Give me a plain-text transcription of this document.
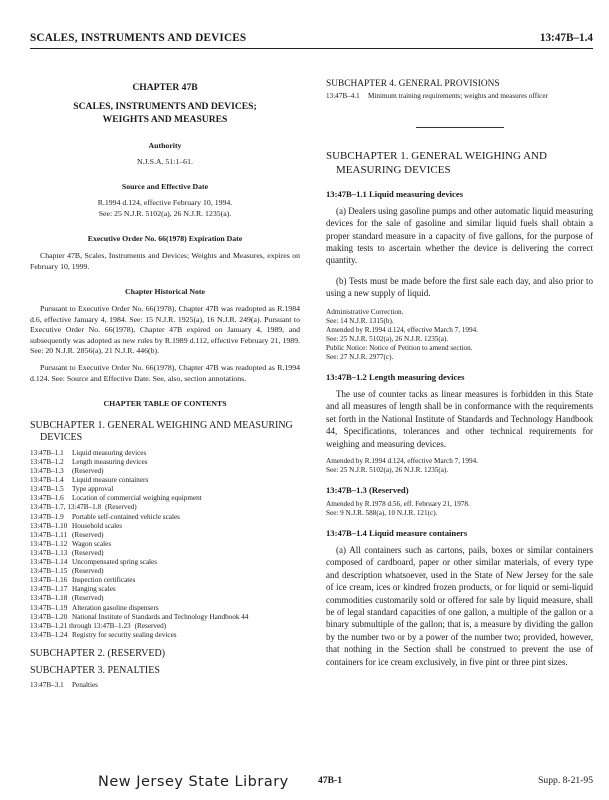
SCALES, INSTRUMENTS AND DEVICES	13:47B–1.4
CHAPTER 47B
SCALES, INSTRUMENTS AND DEVICES;
WEIGHTS AND MEASURES
Authority
N.J.S.A. 51:1–61.
Source and Effective Date
R.1994 d.124, effective February 10, 1994.
See: 25 N.J.R. 5102(a), 26 N.J.R. 1235(a).
Executive Order No. 66(1978) Expiration Date
Chapter 47B, Scales, Instruments and Devices; Weights and Measures, expires on February 10, 1999.
Chapter Historical Note
Pursuant to Executive Order No. 66(1978), Chapter 47B was readopted as R.1984 d.6, effective January 4, 1984. See: 15 N.J.R. 1925(a), 16 N.J.R. 249(a). Pursuant to Executive Order No. 66(1978), Chapter 47B expired on January 4, 1989, and subsequently was adopted as new rules by R.1989 d.112, effective February 21, 1989. See: 20 N.J.R. 2856(a), 21 N.J.R. 446(b).
Pursuant to Executive Order No. 66(1978), Chapter 47B was readopted as R.1994 d.124. See: Source and Effective Date. See, also, section annotations.
CHAPTER TABLE OF CONTENTS
SUBCHAPTER 1. GENERAL WEIGHING AND MEASURING DEVICES
13:47B–1.1	Liquid measuring devices
13:47B–1.2	Length measuring devices
13:47B–1.3	(Reserved)
13:47B–1.4	Liquid measure containers
13:47B–1.5	Type approval
13:47B–1.6	Location of commercial weighing equipment
13:47B–1.7, 13:47B–1.8 (Reserved)
13:47B–1.9	Portable self-contained vehicle scales
13:47B–1.10 Household scales
13:47B–1.11 (Reserved)
13:47B–1.12 Wagon scales
13:47B–1.13 (Reserved)
13:47B–1.14 Uncompensated spring scales
13:47B–1.15 (Reserved)
13:47B–1.16 Inspection certificates
13:47B–1.17 Hanging scales
13:47B–1.18 (Reserved)
13:47B–1.19 Alteration gasoline dispensers
13:47B–1.20 National Institute of Standards and Technology Handbook 44
13:47B–1.21 through 13:47B–1.23 (Reserved)
13:47B–1.24 Registry for security sealing devices
SUBCHAPTER 2. (RESERVED)
SUBCHAPTER 3. PENALTIES
13:47B–3.1	Penalties
SUBCHAPTER 4. GENERAL PROVISIONS
13:47B–4.1	Minimum training requirements; weights and measures officer
SUBCHAPTER 1. GENERAL WEIGHING AND MEASURING DEVICES
13:47B–1.1 Liquid measuring devices
(a) Dealers using gasoline pumps and other automatic liquid measuring devices for the sale of gasoline and similar liquid fuels shall obtain a proper standard measure in a capacity of five gallons, for the purpose of making tests to ascertain whether the device is delivering the correct quantity.
(b) Tests must be made before the first sale each day, and also prior to using a new supply of liquid.
Administrative Correction.
See: 14 N.J.R. 1315(b).
Amended by R.1994 d.124, effective March 7, 1994.
See: 25 N.J.R. 5102(a), 26 N.J.R. 1235(a).
Public Notice: Notice of Petition to amend section.
See: 27 N.J.R. 2977(c).
13:47B–1.2 Length measuring devices
The use of counter tacks as linear measures is forbidden in this State and all measures of length shall be in conformance with the requirements set forth in the National Institute of Standards and Technology Handbook 44, Specifications, tolerances and other technical requirements for weighing and measuring devices.
Amended by R.1994 d.124, effective March 7, 1994.
See: 25 N.J.R. 5102(a), 26 N.J.R. 1235(a).
13:47B–1.3 (Reserved)
Amended by R.1978 d.56, eff. February 21, 1978.
See: 9 N.J.R. 588(a), 10 N.J.R. 121(c).
13:47B–1.4 Liquid measure containers
(a) All containers such as cartons, pails, boxes or similar containers composed of cardboard, paper or other similar materials, of every type and description whatsoever, used in the State of New Jersey for the sale of ice cream, ices or kindred frozen products, or for liquid or semi-liquid commodities customarily sold or offered for sale by liquid measure, shall be of legal standard capacities of one gallon, a multiple of the gallon or a binary submultiple of the gallon; that is, a measure by dividing the gallon by the number two or by a power of the number two; provided, however, that nothing in the Section shall be construed to prevent the use of containers for ice cream exclusively, in five pint or three pint sizes.
New Jersey State Library	47B-1	Supp. 8-21-95
